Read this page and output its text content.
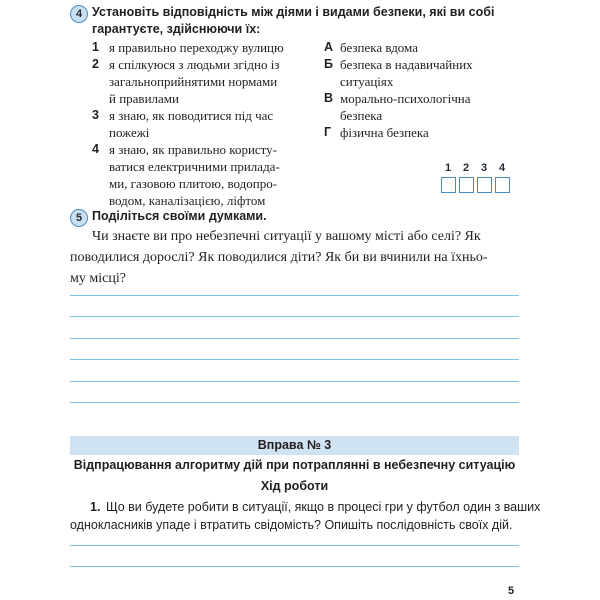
4 Установіть відповідність між діями і видами безпеки, які ви собі
гарантуєте, здійснюючи їх:
1 я правильно переходжу вулицю
2 я спілкуюся з людьми згідно із
загальноприйнятими нормами
й правилами
3 я знаю, як поводитися під час
пожежі
4 я знаю, як правильно користу-
ватися електричними прилада-
ми, газовою плитою, водопро-
водом, каналізацією, ліфтом
А безпека вдома
Б безпека в надавичайних
ситуаціях
В морально-психологічна
безпека
Г фізична безпека
1	2	3	4
5 Поділіться своїми думками.
Чи знаєте ви про небезпечні ситуації у вашому місті або селі? Як
поводилися дорослі? Як поводилися діти? Як би ви вчинили на їхньо-
му місці?
Вправа № 3
Відпрацювання алгоритму дій при потраплянні в небезпечну ситуацію
Хід роботи
1. Що ви будете робити в ситуації, якщо в процесі гри у футбол один з ваших
однокласників упаде і втратить свідомість? Опишіть послідовність своїх дій.
5
